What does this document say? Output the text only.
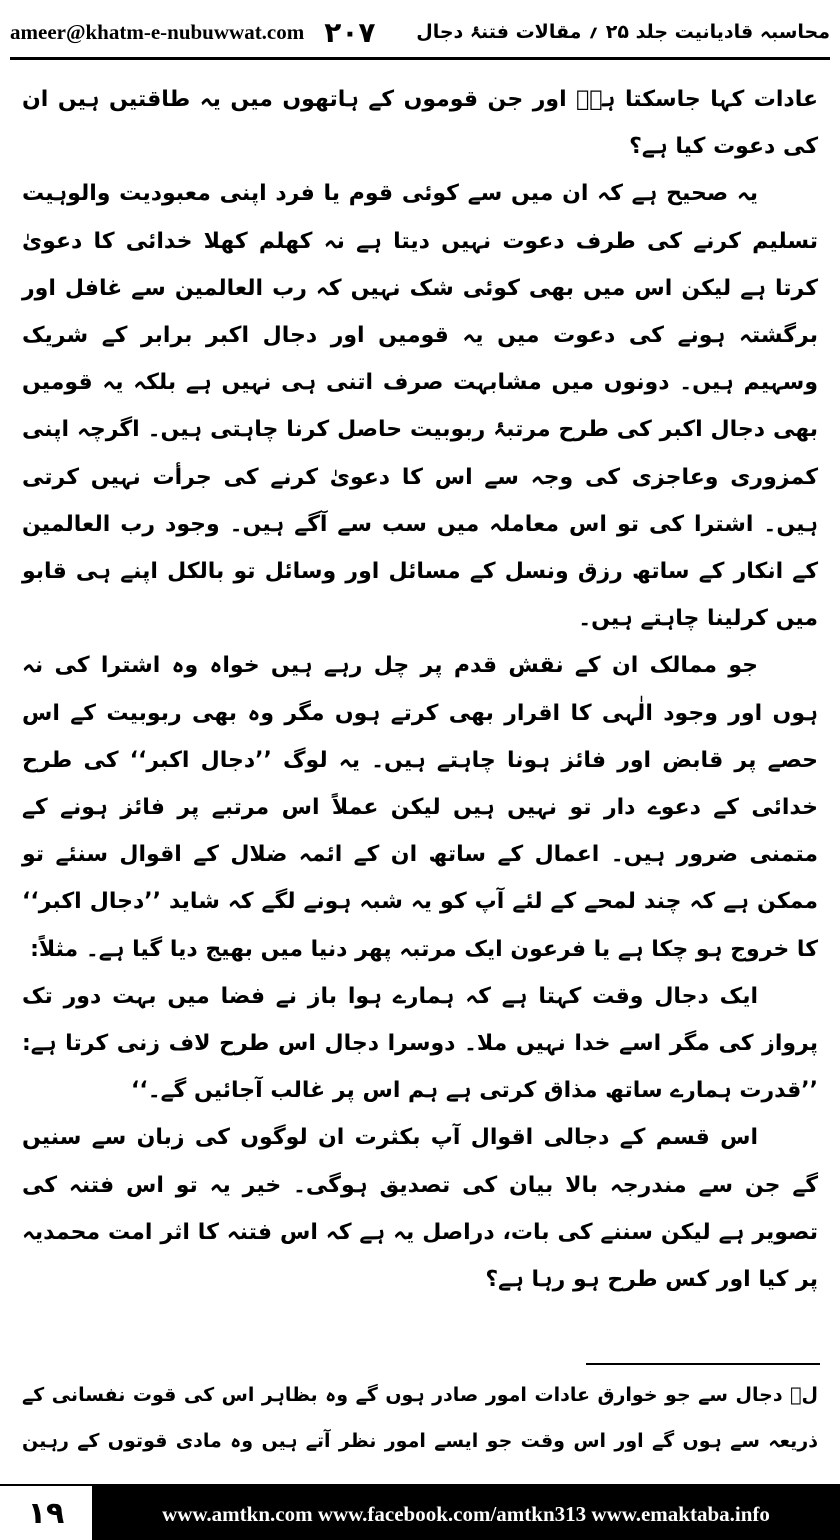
ameer@khatm-e-nubuwwat.com ۲۰۷ محاسبہ قادیانیت جلد ۲۵ ؍ مقالات فتنۂ دجال

عادات کہا جاسکتا ہےؔ اور جن قوموں کے ہاتھوں میں یہ طاقتیں ہیں ان کی دعوت کیا ہے؟

یہ صحیح ہے کہ ان میں سے کوئی قوم یا فرد اپنی معبودیت والوہیت تسلیم کرنے کی طرف دعوت نہیں دیتا ہے نہ کھلم کھلا خدائی کا دعویٰ کرتا ہے لیکن اس میں بھی کوئی شک نہیں کہ رب العالمین سے غافل اور برگشتہ ہونے کی دعوت میں یہ قومیں اور دجال اکبر برابر کے شریک وسہیم ہیں۔ دونوں میں مشابہت صرف اتنی ہی نہیں ہے بلکہ یہ قومیں بھی دجال اکبر کی طرح مرتبۂ ربوبیت حاصل کرنا چاہتی ہیں۔ اگرچہ اپنی کمزوری وعاجزی کی وجہ سے اس کا دعویٰ کرنے کی جرأت نہیں کرتی ہیں۔ اشترا کی تو اس معاملہ میں سب سے آگے ہیں۔ وجود رب العالمین کے انکار کے ساتھ رزق ونسل کے مسائل اور وسائل تو بالکل اپنے ہی قابو میں کرلینا چاہتے ہیں۔

جو ممالک ان کے نقش قدم پر چل رہے ہیں خواہ وہ اشترا کی نہ ہوں اور وجود الٰہی کا اقرار بھی کرتے ہوں مگر وہ بھی ربوبیت کے اس حصے پر قابض اور فائز ہونا چاہتے ہیں۔ یہ لوگ ’’دجال اکبر‘‘ کی طرح خدائی کے دعوے دار تو نہیں ہیں لیکن عملاً اس مرتبے پر فائز ہونے کے متمنی ضرور ہیں۔ اعمال کے ساتھ ان کے ائمہ ضلال کے اقوال سنئے تو ممکن ہے کہ چند لمحے کے لئے آپ کو یہ شبہ ہونے لگے کہ شاید ’’دجال اکبر‘‘ کا خروج ہو چکا ہے یا فرعون ایک مرتبہ پھر دنیا میں بھیج دیا گیا ہے۔ مثلاً:

ایک دجال وقت کہتا ہے کہ ہمارے ہوا باز نے فضا میں بہت دور تک پرواز کی مگر اسے خدا نہیں ملا۔ دوسرا دجال اس طرح لاف زنی کرتا ہے: ’’قدرت ہمارے ساتھ مذاق کرتی ہے ہم اس پر غالب آجائیں گے۔‘‘

اس قسم کے دجالی اقوال آپ بکثرت ان لوگوں کی زبان سے سنیں گے جن سے مندرجہ بالا بیان کی تصدیق ہوگی۔ خیر یہ تو اس فتنہ کی تصویر ہے لیکن سننے کی بات، دراصل یہ ہے کہ اس فتنہ کا اثر امت محمدیہ پر کیا اور کس طرح ہو رہا ہے؟

لؔ دجال سے جو خوارق عادات امور صادر ہوں گے وہ بظاہر اس کی قوت نفسانی کے ذریعہ سے ہوں گے اور اس وقت جو ایسے امور نظر آتے ہیں وہ مادی قوتوں کے رہین

۱۹	www.amtkn.com www.facebook.com/amtkn313 www.emaktaba.info
